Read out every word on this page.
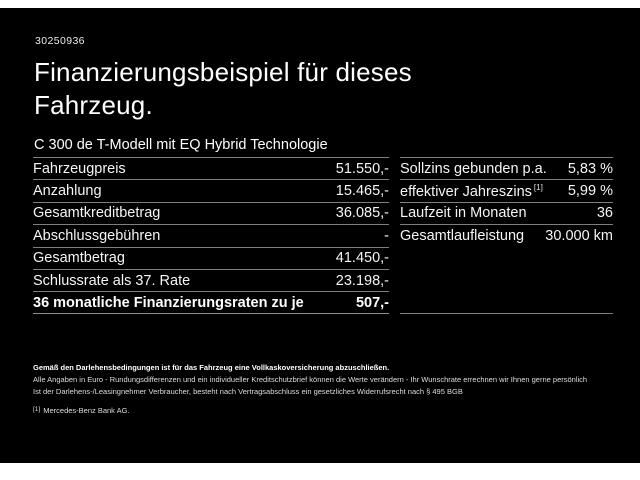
30250936
Finanzierungsbeispiel für dieses Fahrzeug.
C 300 de T-Modell mit EQ Hybrid Technologie
Fahrzeugpreis	51.550,-
Anzahlung	15.465,-
Gesamtkreditbetrag	36.085,-
Abschlussgebühren	-
Gesamtbetrag	41.450,-
Schlussrate als 37. Rate	23.198,-
36 monatliche Finanzierungsraten zu je	507,-
Sollzins gebunden p.a. 5,83 %
effektiver Jahreszins [1] 5,99 %
Laufzeit in Monaten	36
Gesamtlaufleistung 30.000 km
Gemäß den Darlehensbedingungen ist für das Fahrzeug eine Vollkaskoversicherung abzuschließen.
Alle Angaben in Euro - Rundungsdifferenzen und ein individueller Kreditschutzbrief können die Werte verändern - Ihr Wunschrate errechnen wir Ihnen gerne persönlich
Ist der Darlehens-/Leasingnehmer Verbraucher, besteht nach Vertragsabschluss ein gesetzliches Widerrufsrecht nach § 495 BGB
[1] Mercedes-Benz Bank AG.
